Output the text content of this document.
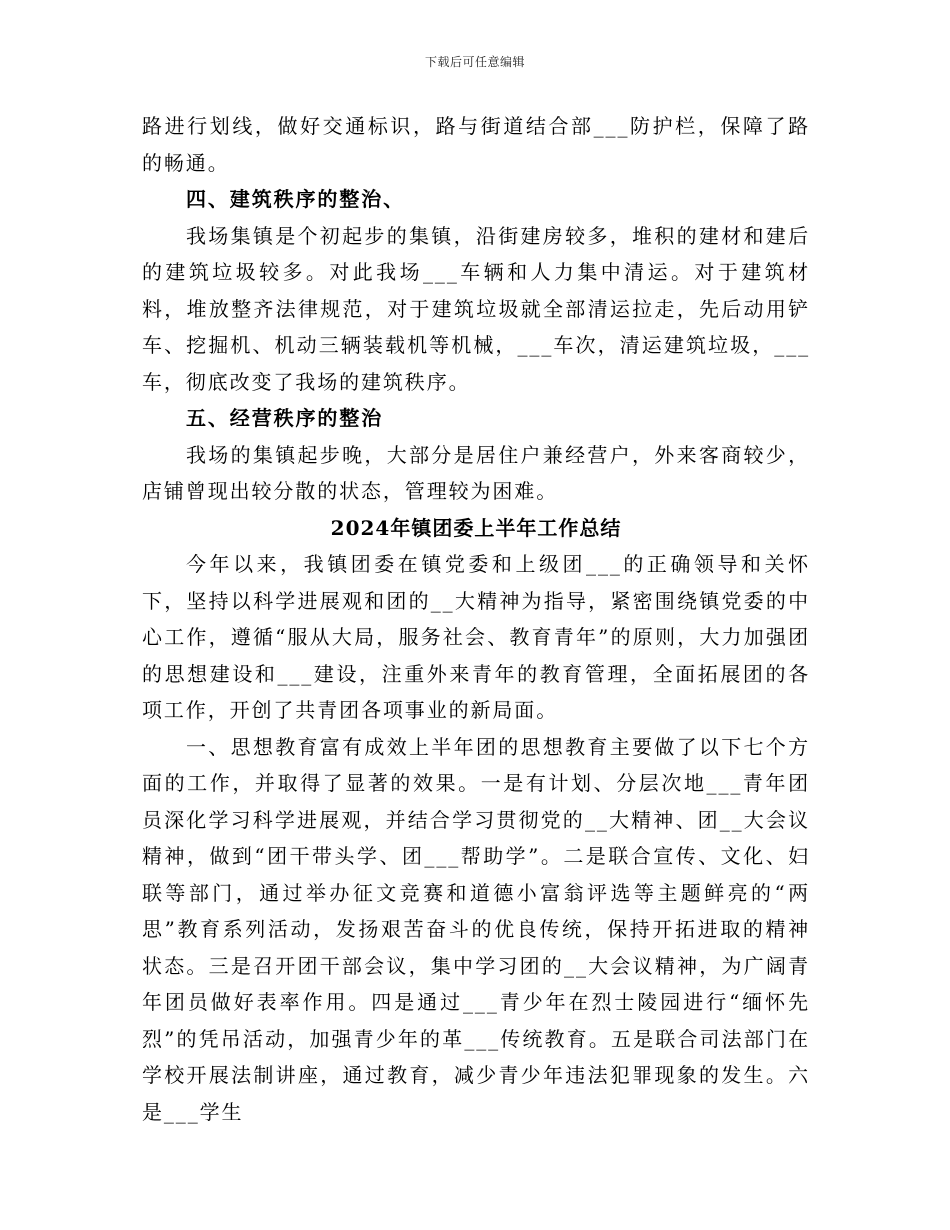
下载后可任意编辑

路进行划线，做好交通标识，路与街道结合部___防护栏，保障了路的畅通。

四、建筑秩序的整治、

我场集镇是个初起步的集镇，沿街建房较多，堆积的建材和建后的建筑垃圾较多。对此我场___车辆和人力集中清运。对于建筑材料，堆放整齐法律规范，对于建筑垃圾就全部清运拉走，先后动用铲车、挖掘机、机动三辆装载机等机械，___车次，清运建筑垃圾，___车，彻底改变了我场的建筑秩序。

五、经营秩序的整治

我场的集镇起步晚，大部分是居住户兼经营户，外来客商较少，店铺曾现出较分散的状态，管理较为困难。

2024年镇团委上半年工作总结

今年以来，我镇团委在镇党委和上级团___的正确领导和关怀下，坚持以科学进展观和团的__大精神为指导，紧密围绕镇党委的中心工作，遵循“服从大局，服务社会、教育青年”的原则，大力加强团的思想建设和___建设，注重外来青年的教育管理，全面拓展团的各项工作，开创了共青团各项事业的新局面。

一、思想教育富有成效上半年团的思想教育主要做了以下七个方面的工作，并取得了显著的效果。一是有计划、分层次地___青年团员深化学习科学进展观，并结合学习贯彻党的__大精神、团__大会议精神，做到“团干带头学、团___帮助学”。二是联合宣传、文化、妇联等部门，通过举办征文竞赛和道德小富翁评选等主题鲜亮的“两思”教育系列活动，发扬艰苦奋斗的优良传统，保持开拓进取的精神状态。三是召开团干部会议，集中学习团的__大会议精神，为广阔青年团员做好表率作用。四是通过___青少年在烈士陵园进行“缅怀先烈”的凭吊活动，加强青少年的革___传统教育。五是联合司法部门在学校开展法制讲座，通过教育，减少青少年违法犯罪现象的发生。六是___学生
